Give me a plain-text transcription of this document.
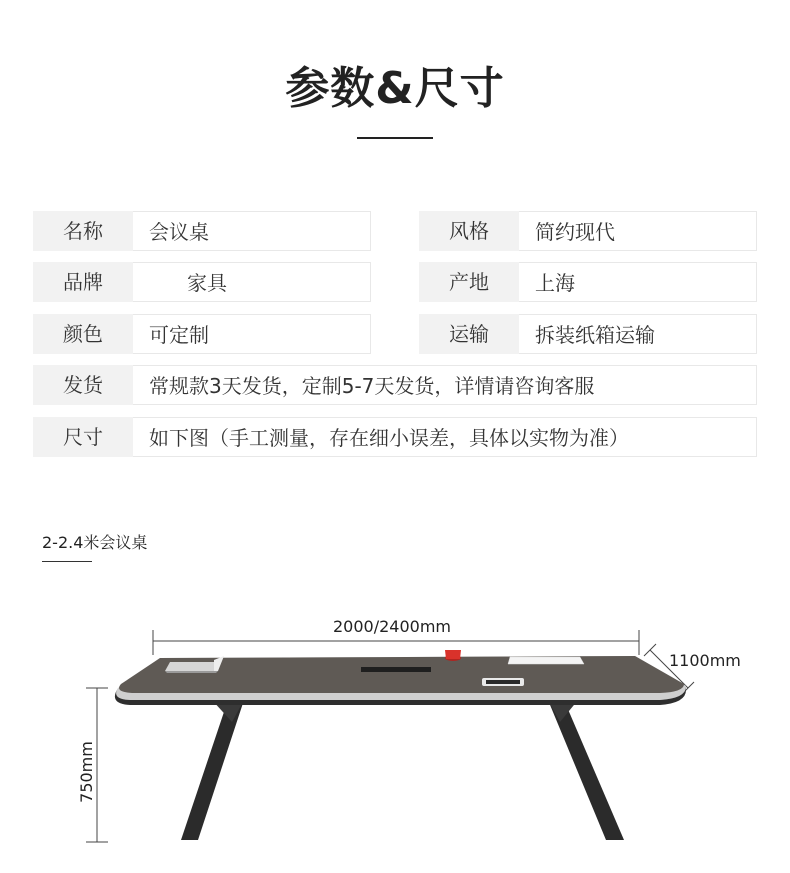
参数&尺寸
名称	会议桌	风格	简约现代
品牌	家具	产地	上海
颜色	可定制	运输	拆装纸箱运输
发货	常规款3天发货，定制5-7天发货，详情请咨询客服
尺寸	如下图（手工测量，存在细小误差，具体以实物为准）
2-2.4米会议桌
2000/2400mm
1100mm
750mm
